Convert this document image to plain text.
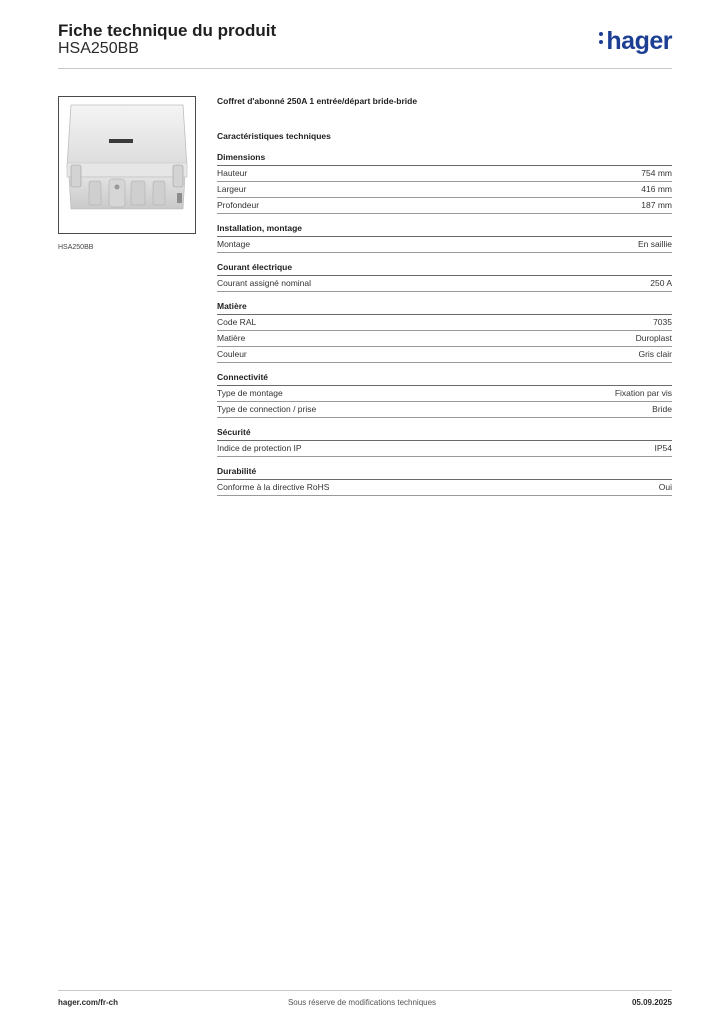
Fiche technique du produit
HSA250BB	hager
HSA250BB
Coffret d'abonné 250A 1 entrée/départ bride-bride
Caractéristiques techniques
Dimensions
Hauteur	754 mm
Largeur	416 mm
Profondeur	187 mm
Installation, montage
Montage	En saillie
Courant électrique
Courant assigné nominal	250 A
Matière
Code RAL	7035
Matière	Duroplast
Couleur	Gris clair
Connectivité
Type de montage	Fixation par vis
Type de connection / prise	Bride
Sécurité
Indice de protection IP	IP54
Durabilité
Conforme à la directive RoHS	Oui
hager.com/fr-ch	Sous réserve de modifications techniques	05.09.2025
